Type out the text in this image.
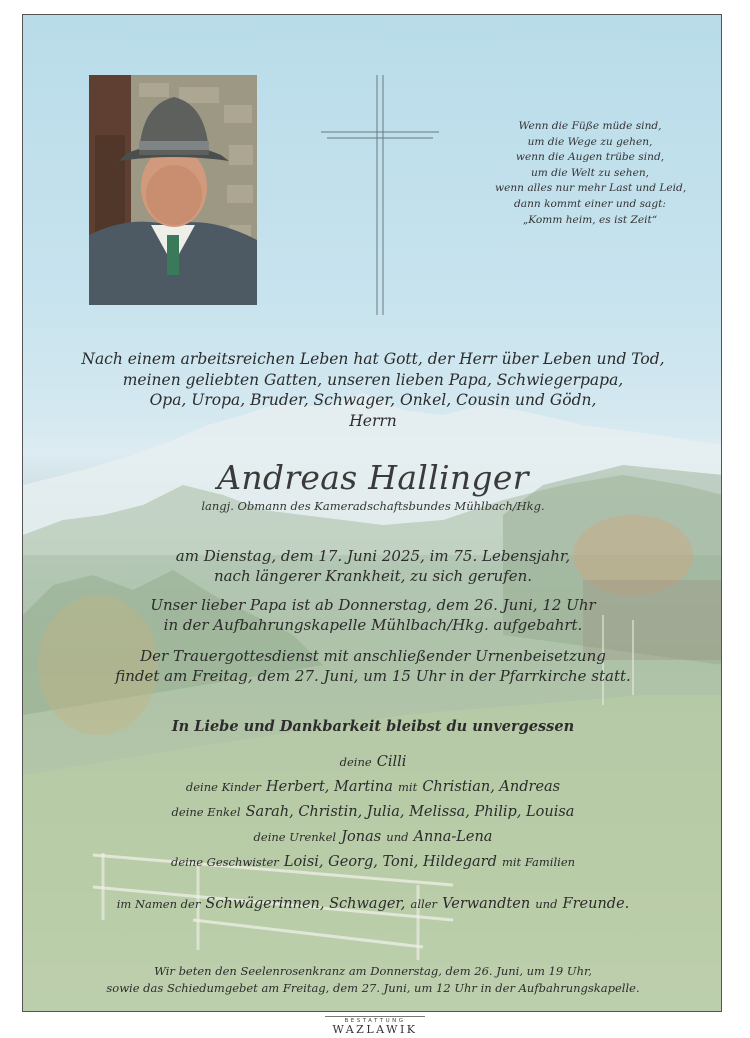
Wenn die Füße müde sind,
um die Wege zu gehen,
wenn die Augen trübe sind,
um die Welt zu sehen,
wenn alles nur mehr Last und Leid,
dann kommt einer und sagt:
„Komm heim, es ist Zeit“
Nach einem arbeitsreichen Leben hat Gott, der Herr über Leben und Tod,
meinen geliebten Gatten, unseren lieben Papa, Schwiegerpapa,
Opa, Uropa, Bruder, Schwager, Onkel, Cousin und Gödn,
Herrn
Andreas Hallinger
langj. Obmann des Kameradschaftsbundes Mühlbach/Hkg.
am Dienstag, dem 17. Juni 2025, im 75. Lebensjahr,
nach längerer Krankheit, zu sich gerufen.
Unser lieber Papa ist ab Donnerstag, dem 26. Juni, 12 Uhr
in der Aufbahrungskapelle Mühlbach/Hkg. aufgebahrt.
Der Trauergottesdienst mit anschließender Urnenbeisetzung
findet am Freitag, dem 27. Juni, um 15 Uhr in der Pfarrkirche statt.
In Liebe und Dankbarkeit bleibst du unvergessen
deine Cilli
deine Kinder Herbert, Martina mit Christian, Andreas
deine Enkel Sarah, Christin, Julia, Melissa, Philip, Louisa
deine Urenkel Jonas und Anna-Lena
deine Geschwister Loisi, Georg, Toni, Hildegard mit Familien
im Namen der Schwägerinnen, Schwager, aller Verwandten und Freunde.
Wir beten den Seelenrosenkranz am Donnerstag, dem 26. Juni, um 19 Uhr,
sowie das Schiedumgebet am Freitag, dem 27. Juni, um 12 Uhr in der Aufbahrungskapelle.
BESTATTUNG
WAZLAWIK
